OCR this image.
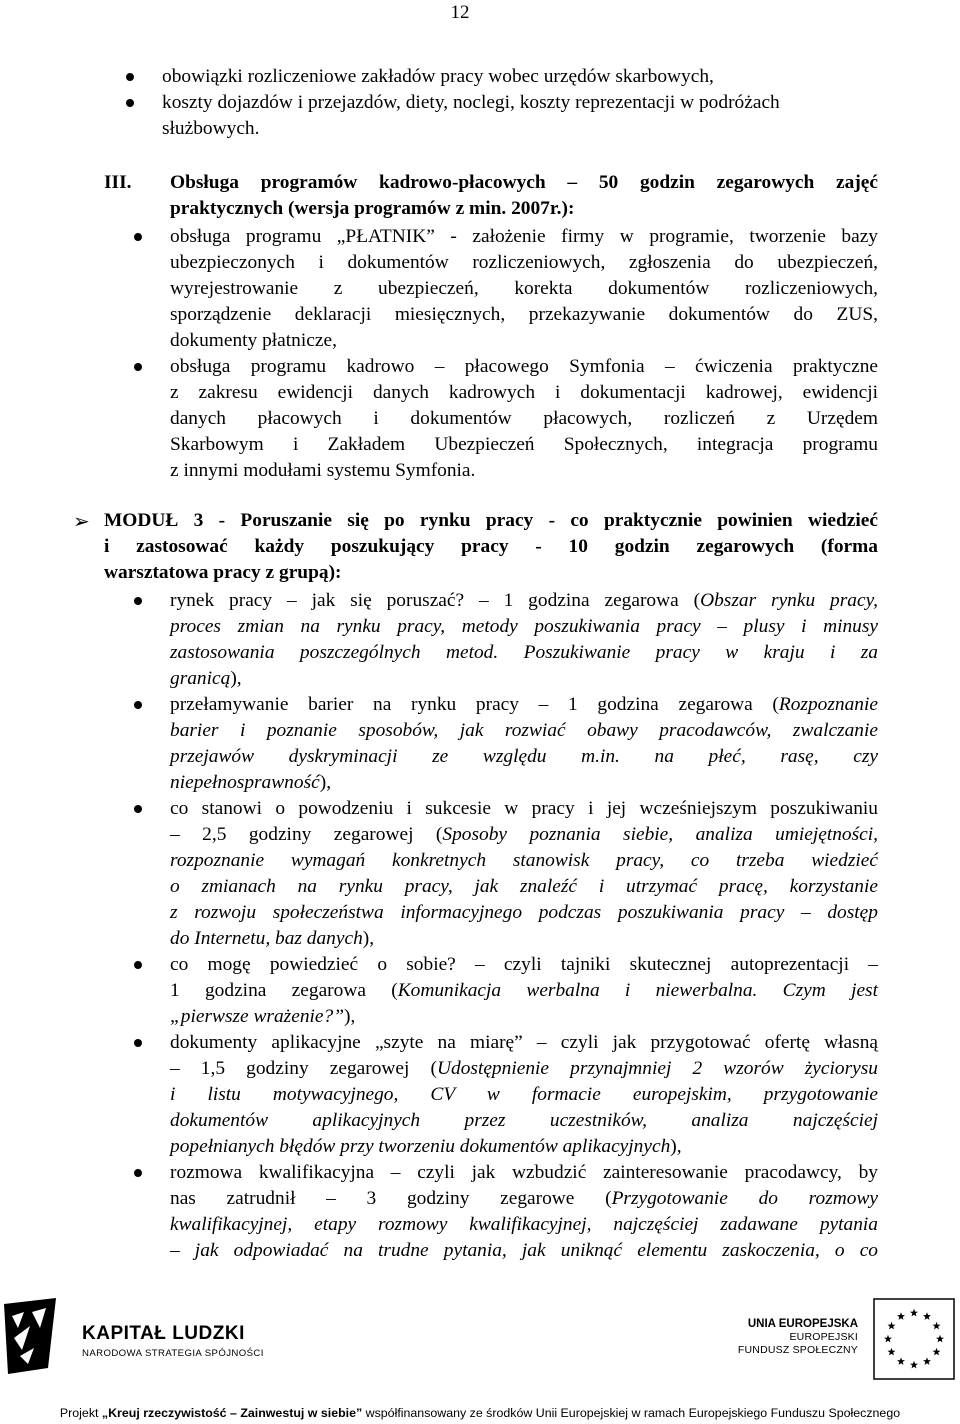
12

obowiązki rozliczeniowe zakładów pracy wobec urzędów skarbowych,

koszty dojazdów i przejazdów, diety, noclegi, koszty reprezentacji w podróżach

służbowych.

III. Obsługa programów kadrowo-płacowych – 50 godzin zegarowych zajęć

praktycznych (wersja programów z min. 2007r.):

obsługa programu „PŁATNIK” - założenie firmy w programie, tworzenie bazy

ubezpieczonych i dokumentów rozliczeniowych, zgłoszenia do ubezpieczeń,

wyrejestrowanie z ubezpieczeń, korekta dokumentów rozliczeniowych,

sporządzenie deklaracji miesięcznych, przekazywanie dokumentów do ZUS,

dokumenty płatnicze,

obsługa programu kadrowo – płacowego Symfonia – ćwiczenia praktyczne

z zakresu ewidencji danych kadrowych i dokumentacji kadrowej, ewidencji

danych płacowych i dokumentów płacowych, rozliczeń z Urzędem

Skarbowym i Zakładem Ubezpieczeń Społecznych, integracja programu

z innymi modułami systemu Symfonia.

➢ MODUŁ 3 - Poruszanie się po rynku pracy - co praktycznie powinien wiedzieć

i zastosować każdy poszukujący pracy - 10 godzin zegarowych (forma

warsztatowa pracy z grupą):

rynek pracy – jak się poruszać? – 1 godzina zegarowa (Obszar rynku pracy,

proces zmian na rynku pracy, metody poszukiwania pracy – plusy i minusy

zastosowania poszczególnych metod. Poszukiwanie pracy w kraju i za

granicą),

przełamywanie barier na rynku pracy – 1 godzina zegarowa (Rozpoznanie

barier i poznanie sposobów, jak rozwiać obawy pracodawców, zwalczanie

przejawów dyskryminacji ze względu m.in. na płeć, rasę, czy

niepełnosprawność),

co stanowi o powodzeniu i sukcesie w pracy i jej wcześniejszym poszukiwaniu

– 2,5 godziny zegarowej (Sposoby poznania siebie, analiza umiejętności,

rozpoznanie wymagań konkretnych stanowisk pracy, co trzeba wiedzieć

o zmianach na rynku pracy, jak znaleźć i utrzymać pracę, korzystanie

z rozwoju społeczeństwa informacyjnego podczas poszukiwania pracy – dostęp

do Internetu, baz danych),

co mogę powiedzieć o sobie? – czyli tajniki skutecznej autoprezentacji –

1 godzina zegarowa (Komunikacja werbalna i niewerbalna. Czym jest

„pierwsze wrażenie?”),

dokumenty aplikacyjne „szyte na miarę” – czyli jak przygotować ofertę własną

– 1,5 godziny zegarowej (Udostępnienie przynajmniej 2 wzorów życiorysu

i listu motywacyjnego, CV w formacie europejskim, przygotowanie

dokumentów aplikacyjnych przez uczestników, analiza najczęściej

popełnianych błędów przy tworzeniu dokumentów aplikacyjnych),

rozmowa kwalifikacyjna – czyli jak wzbudzić zainteresowanie pracodawcy, by

nas zatrudnił – 3 godziny zegarowe (Przygotowanie do rozmowy

kwalifikacyjnej, etapy rozmowy kwalifikacyjnej, najczęściej zadawane pytania

– jak odpowiadać na trudne pytania, jak uniknąć elementu zaskoczenia, o co

KAPITAŁ LUDZKI
NARODOWA STRATEGIA SPÓJNOŚCI
UNIA EUROPEJSKA
EUROPEJSKI
FUNDUSZ SPOŁECZNY
Projekt „Kreuj rzeczywistość – Zainwestuj w siebie” współfinansowany ze środków Unii Europejskiej w ramach Europejskiego Funduszu Społecznego
